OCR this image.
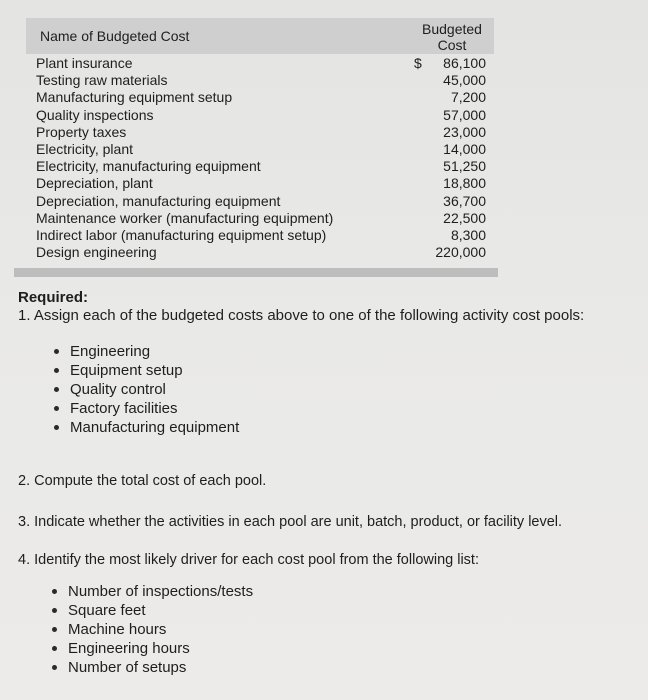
Name of Budgeted Cost	Budgeted
Cost
Plant insurance	$ 86,100
Testing raw materials	45,000
Manufacturing equipment setup	7,200
Quality inspections	57,000
Property taxes	23,000
Electricity, plant	14,000
Electricity, manufacturing equipment	51,250
Depreciation, plant	18,800
Depreciation, manufacturing equipment	36,700
Maintenance worker (manufacturing equipment)	22,500
Indirect labor (manufacturing equipment setup)	8,300
Design engineering	220,000
Required:
1. Assign each of the budgeted costs above to one of the following activity cost pools:
Engineering
Equipment setup
Quality control
Factory facilities
Manufacturing equipment
2. Compute the total cost of each pool.
3. Indicate whether the activities in each pool are unit, batch, product, or facility level.
4. Identify the most likely driver for each cost pool from the following list:
Number of inspections/tests
Square feet
Machine hours
Engineering hours
Number of setups
